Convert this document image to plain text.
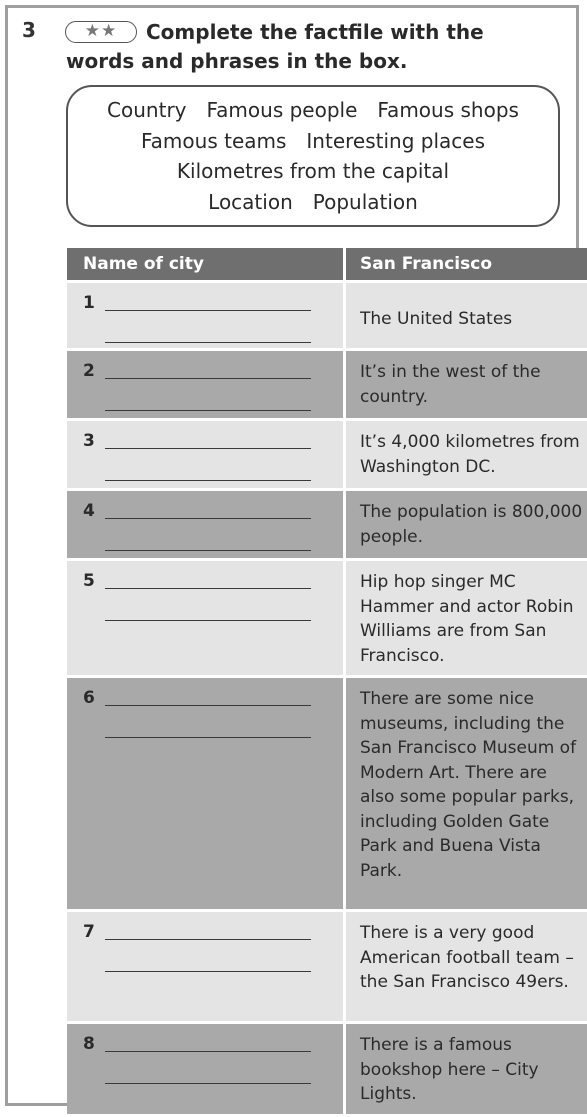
3	★★	Complete the factfile with the words and phrases in the box.
Country Famous people Famous shops
Famous teams Interesting places
Kilometres from the capital
Location Population
Name of city	San Francisco

1	The United States

2	It’s in the west of the country.

3	It’s 4,000 kilometres from Washington DC.

4	The population is 800,000 people.

5	Hip hop singer MC Hammer and actor Robin Williams are from San Francisco.

6	There are some nice museums, including the San Francisco Museum of Modern Art. There are also some popular parks, including Golden Gate Park and Buena Vista Park.

7	There is a very good American football team – the San Francisco 49ers.

8	There is a famous bookshop here – City Lights.
